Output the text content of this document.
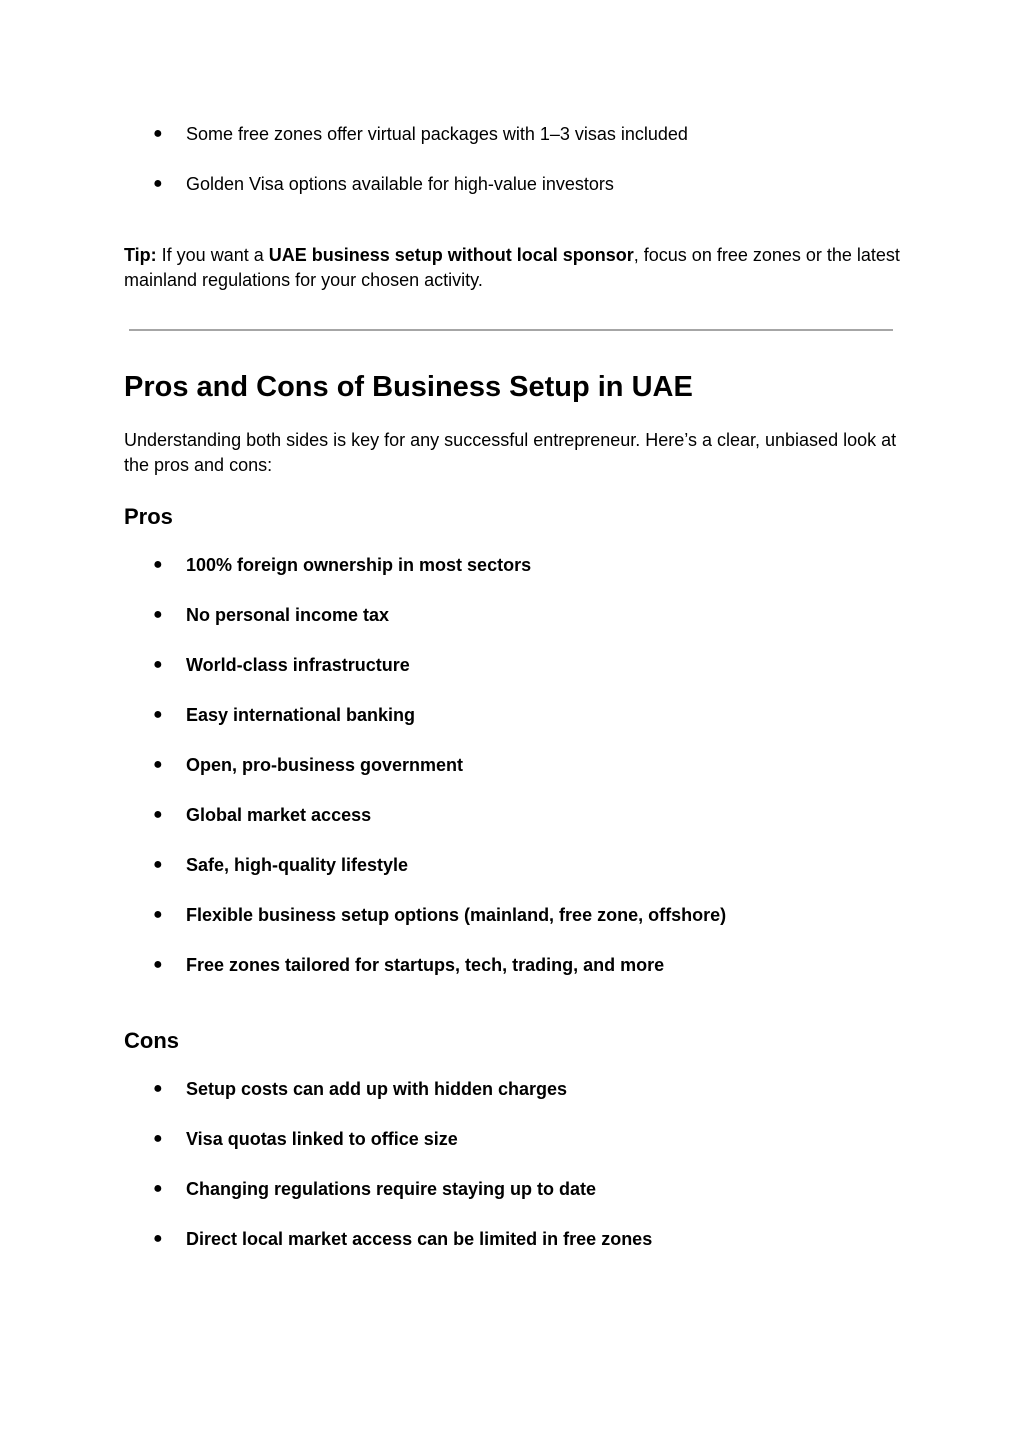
● Some free zones offer virtual packages with 1–3 visas included
● Golden Visa options available for high-value investors

Tip: If you want a UAE business setup without local sponsor, focus on free zones or the latest mainland regulations for your chosen activity.

Pros and Cons of Business Setup in UAE

Understanding both sides is key for any successful entrepreneur. Here’s a clear, unbiased look at the pros and cons:

Pros
● 100% foreign ownership in most sectors
● No personal income tax
● World-class infrastructure
● Easy international banking
● Open, pro-business government
● Global market access
● Safe, high-quality lifestyle
● Flexible business setup options (mainland, free zone, offshore)
● Free zones tailored for startups, tech, trading, and more
Cons
● Setup costs can add up with hidden charges
● Visa quotas linked to office size
● Changing regulations require staying up to date
● Direct local market access can be limited in free zones
